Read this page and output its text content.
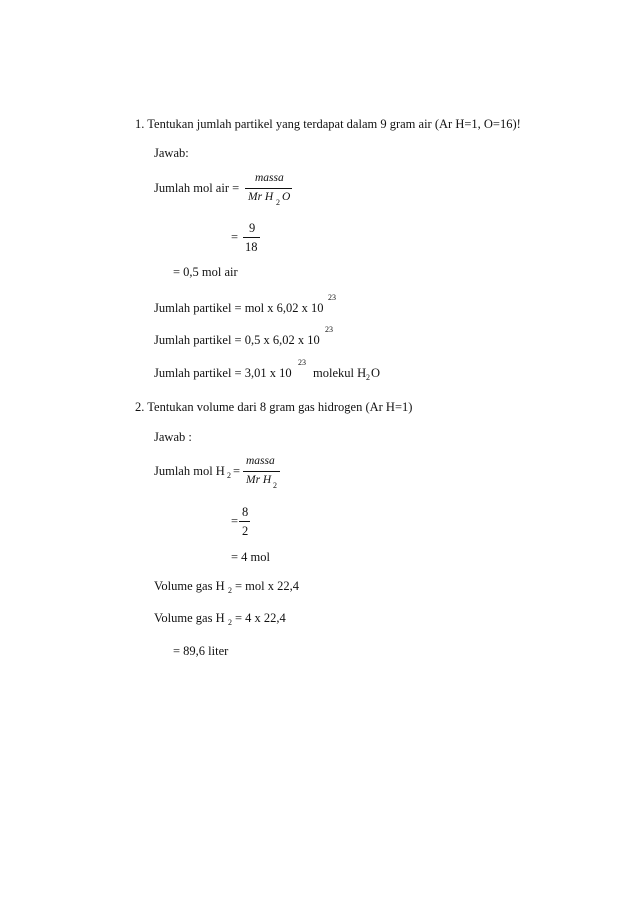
1. Tentukan jumlah partikel yang terdapat dalam 9 gram air (Ar H=1, O=16)!
Jawab:
Jumlah mol air =
massa
Mr H 2 O
=
9
18
= 0,5 mol air
Jumlah partikel = mol x 6,02 x 10
23
Jumlah partikel = 0,5 x 6,02 x 10
23
Jumlah partikel = 3,01 x 10
23
molekul H 2 O
2. Tentukan volume dari 8 gram gas hidrogen (Ar H=1)
Jawab :
Jumlah mol H 2 =
massa
Mr H 2
=
8
2
= 4 mol
Volume gas H 2 = mol x 22,4
Volume gas H 2 = 4 x 22,4
= 89,6 liter
